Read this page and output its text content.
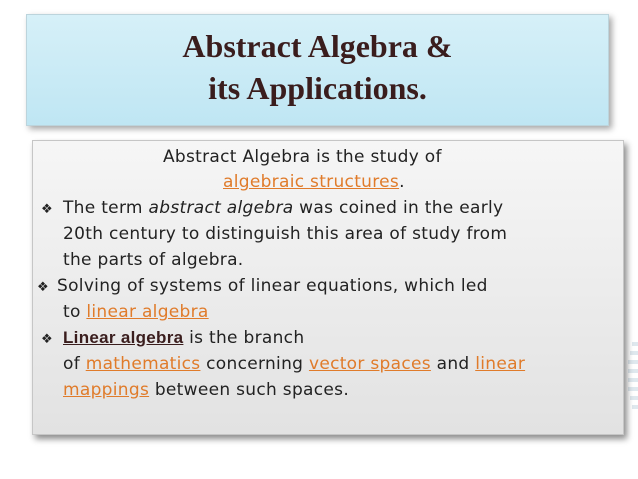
Abstract Algebra &
its Applications.
Abstract Algebra is the study of
algebraic structures.
❖ The term abstract algebra was coined in the early
20th century to distinguish this area of study from
the parts of algebra.
❖ Solving of systems of linear equations, which led
to linear algebra
❖ Linear algebra is the branch
of mathematics concerning vector spaces and linear
mappings between such spaces.
